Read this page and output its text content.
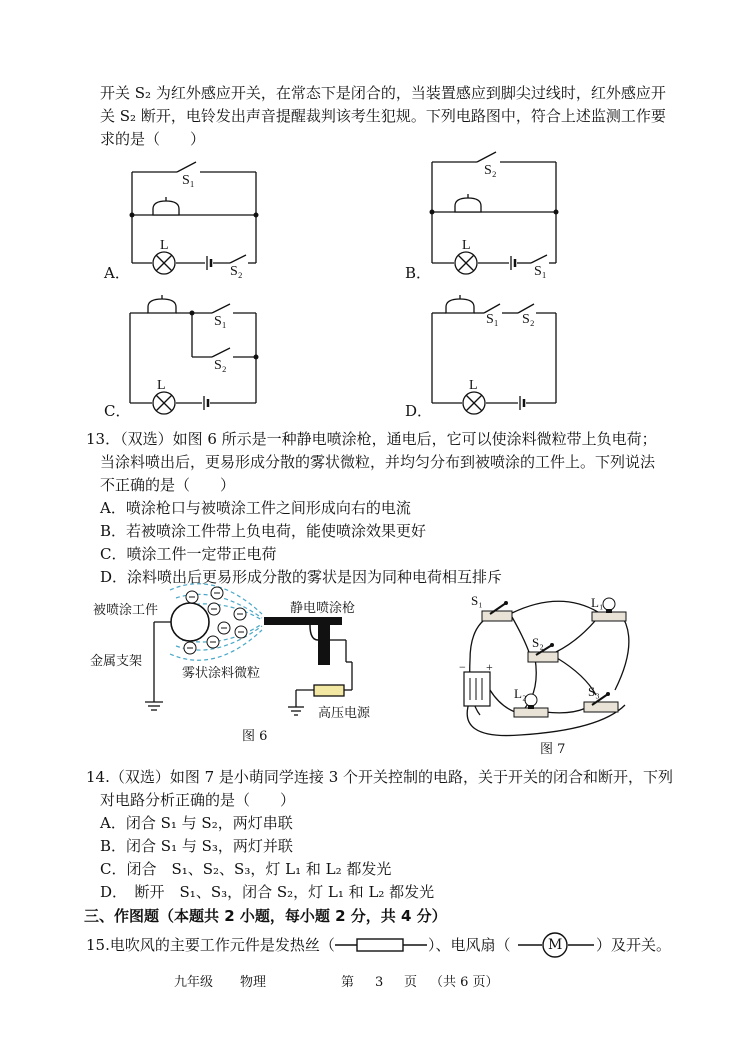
开关 S₂ 为红外感应开关，在常态下是闭合的，当装置感应到脚尖过线时，红外感应开
关 S₂ 断开，电铃发出声音提醒裁判该考生犯规。下列电路图中，符合上述监测工作要
求的是（　　）
A．
S₁
L
S₂	B．
S₂
L
S₁
C．
S₁
S₂
L
D．
S₁ S₂
L
13．（双选）如图 6 所示是一种静电喷涂枪，通电后，它可以使涂料微粒带上负电荷；
当涂料喷出后，更易形成分散的雾状微粒，并均匀分布到被喷涂的工件上。下列说法
不正确的是（　　）
A．喷涂枪口与被喷涂工件之间形成向右的电流
B．若被喷涂工件带上负电荷，能使喷涂效果更好
C．喷涂工件一定带正电荷
D．涂料喷出后更易形成分散的雾状是因为同种电荷相互排斥
被喷涂工件	静电喷涂枪
金属支架
雾状涂料微粒
高压电源
图 6
S₁	L₁
S₂
− +
L₂	S₃
图 7
14.（双选）如图 7 是小萌同学连接 3 个开关控制的电路，关于开关的闭合和断开，下列
对电路分析正确的是（　　）
A．闭合 S₁ 与 S₂，两灯串联
B．闭合 S₁ 与 S₃，两灯并联
C．闭合　S₁、S₂、S₃，灯 L₁ 和 L₂ 都发光
D．　断开　S₁、S₃，闭合 S₂，灯 L₁ 和 L₂ 都发光
三、作图题（本题共 2 小题，每小题 2 分，共 4 分）
15.电吹风的主要工作元件是发热丝（	）、电风扇（	M ）及开关。
九年级 物理	第 3 页 （共 6 页）
